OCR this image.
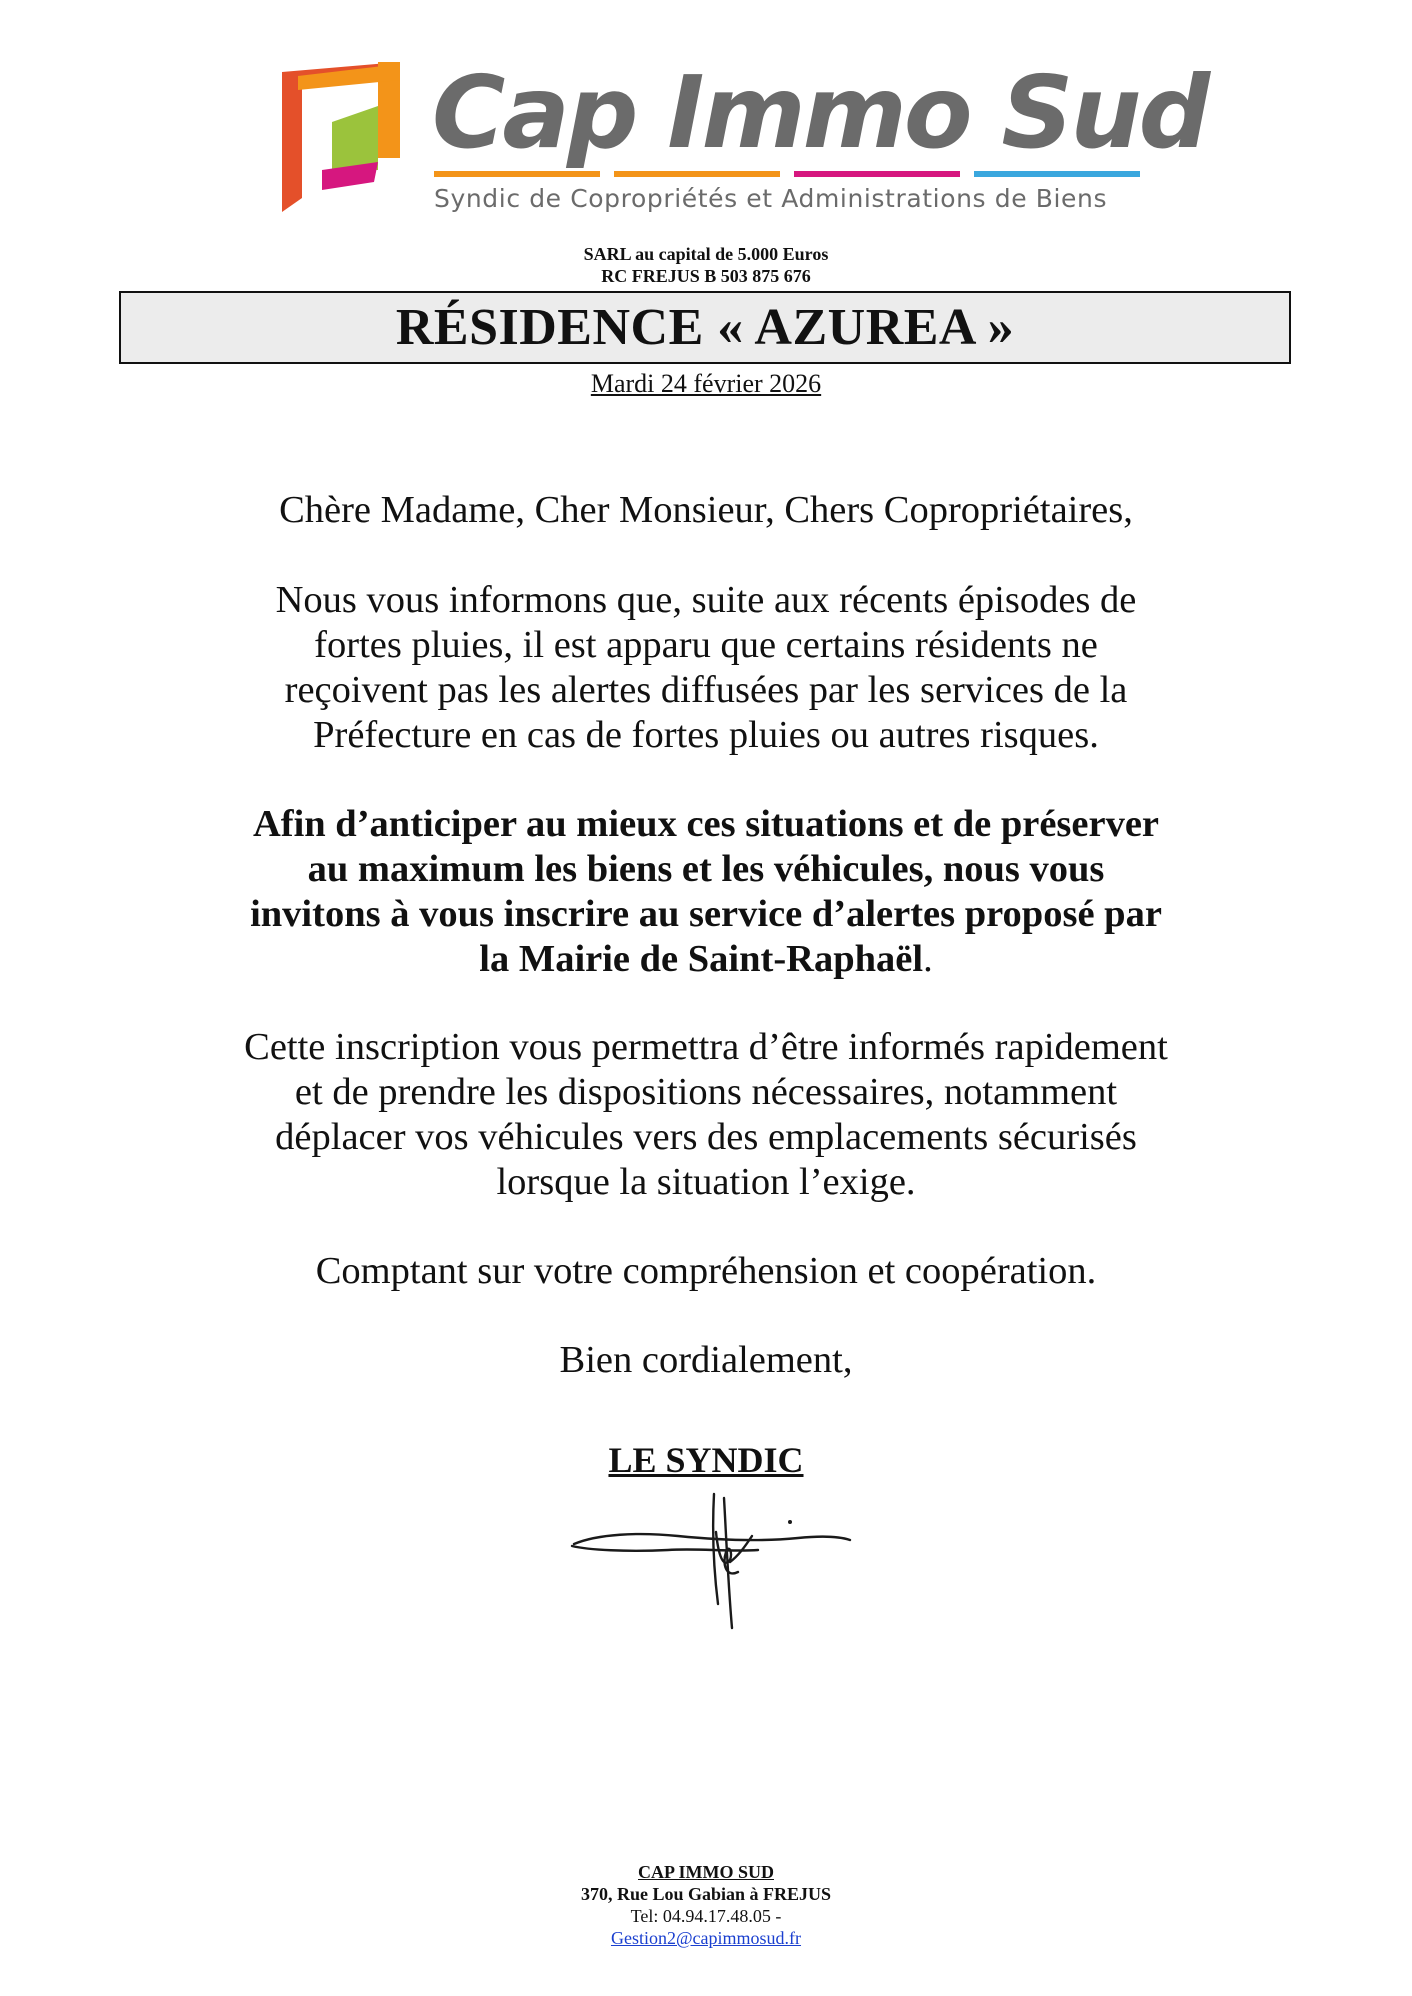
Cap Immo Sud
Syndic de Copropriétés et Administrations de Biens
SARL au capital de 5.000 Euros
RC FREJUS B 503 875 676
RÉSIDENCE « AZUREA »
Mardi 24 février 2026
Chère Madame, Cher Monsieur, Chers Copropriétaires,
Nous vous informons que, suite aux récents épisodes de
fortes pluies, il est apparu que certains résidents ne
reçoivent pas les alertes diffusées par les services de la
Préfecture en cas de fortes pluies ou autres risques.
Afin d’anticiper au mieux ces situations et de préserver
au maximum les biens et les véhicules, nous vous
invitons à vous inscrire au service d’alertes proposé par
la Mairie de Saint-Raphaël.
Cette inscription vous permettra d’être informés rapidement
et de prendre les dispositions nécessaires, notamment
déplacer vos véhicules vers des emplacements sécurisés
lorsque la situation l’exige.
Comptant sur votre compréhension et coopération.
Bien cordialement,
LE SYNDIC
CAP IMMO SUD
370, Rue Lou Gabian à FREJUS
Tel: 04.94.17.48.05 -
Gestion2@capimmosud.fr
